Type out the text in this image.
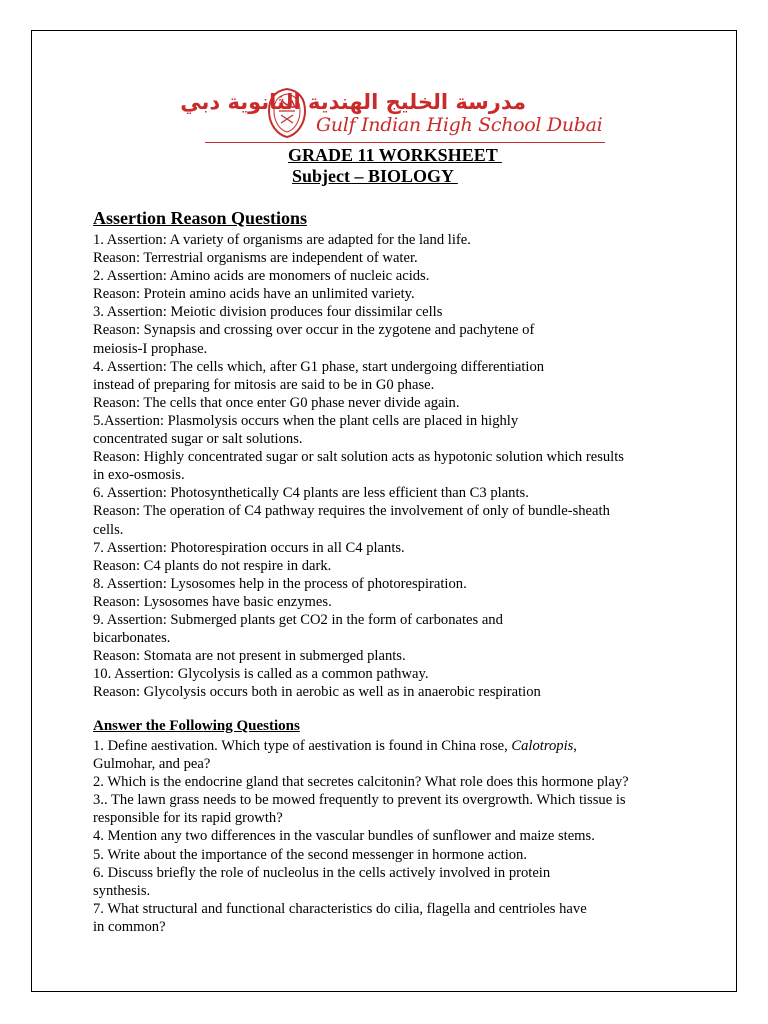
مدرسة الخليج الهندية الثانوية دبي
Gulf Indian High School Dubai
GRADE 11 WORKSHEET
Subject – BIOLOGY
Assertion Reason Questions
1. Assertion: A variety of organisms are adapted for the land life.
Reason: Terrestrial organisms are independent of water.
2. Assertion: Amino acids are monomers of nucleic acids.
Reason: Protein amino acids have an unlimited variety.
3. Assertion: Meiotic division produces four dissimilar cells
Reason: Synapsis and crossing over occur in the zygotene and pachytene of
meiosis-I prophase.
4. Assertion: The cells which, after G1 phase, start undergoing differentiation
instead of preparing for mitosis are said to be in G0 phase.
Reason: The cells that once enter G0 phase never divide again.
5.Assertion: Plasmolysis occurs when the plant cells are placed in highly
concentrated sugar or salt solutions.
Reason: Highly concentrated sugar or salt solution acts as hypotonic solution which results
in exo-osmosis.
6. Assertion: Photosynthetically C4 plants are less efficient than C3 plants.
Reason: The operation of C4 pathway requires the involvement of only of bundle-sheath
cells.
7. Assertion: Photorespiration occurs in all C4 plants.
Reason: C4 plants do not respire in dark.
8. Assertion: Lysosomes help in the process of photorespiration.
Reason: Lysosomes have basic enzymes.
9. Assertion: Submerged plants get CO2 in the form of carbonates and
bicarbonates.
Reason: Stomata are not present in submerged plants.
10. Assertion: Glycolysis is called as a common pathway.
Reason: Glycolysis occurs both in aerobic as well as in anaerobic respiration
Answer the Following Questions
1. Define aestivation. Which type of aestivation is found in China rose, Calotropis,
Gulmohar, and pea?
2. Which is the endocrine gland that secretes calcitonin? What role does this hormone play?
3.. The lawn grass needs to be mowed frequently to prevent its overgrowth. Which tissue is
responsible for its rapid growth?
4. Mention any two differences in the vascular bundles of sunflower and maize stems.
5. Write about the importance of the second messenger in hormone action.
6. Discuss briefly the role of nucleolus in the cells actively involved in protein
synthesis.
7. What structural and functional characteristics do cilia, flagella and centrioles have
in common?
